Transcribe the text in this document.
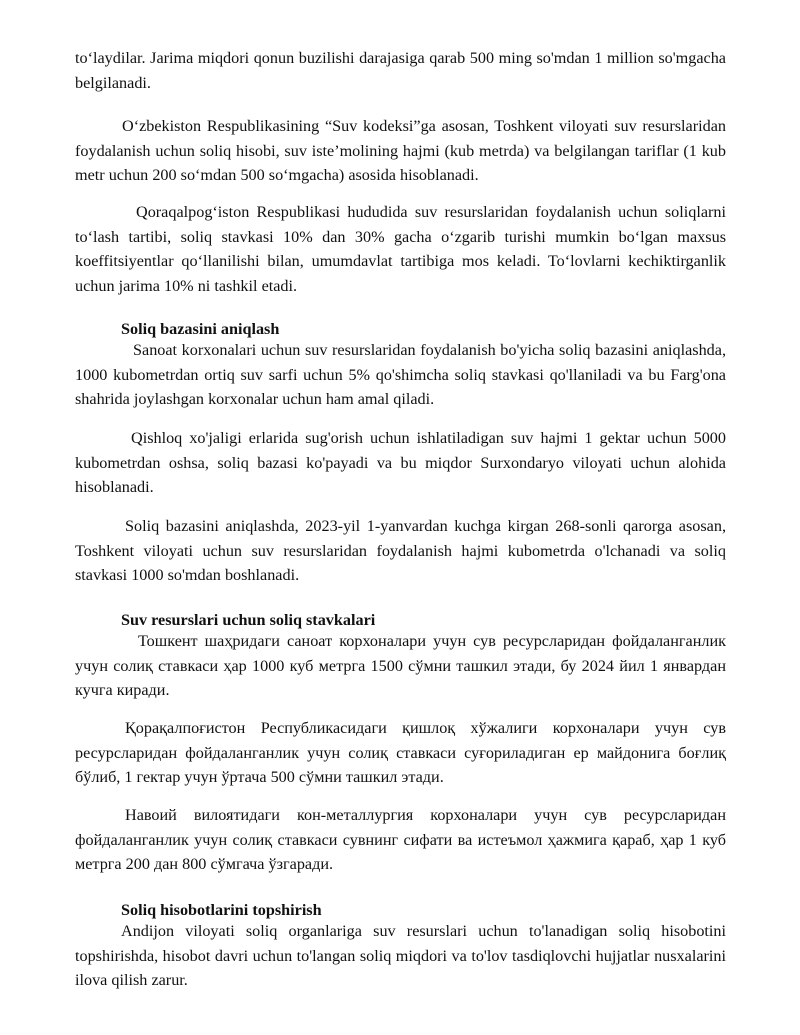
to‘laydilar. Jarima miqdori qonun buzilishi darajasiga qarab 500 ming so'mdan 1 million so'mgacha belgilanadi.

O‘zbekiston Respublikasining “Suv kodeksi”ga asosan, Toshkent viloyati suv resurslaridan foydalanish uchun soliq hisobi, suv iste’molining hajmi (kub metrda) va belgilangan tariflar (1 kub metr uchun 200 so‘mdan 500 so‘mgacha) asosida hisoblanadi.

Qoraqalpog‘iston Respublikasi hududida suv resurslaridan foydalanish uchun soliqlarni to‘lash tartibi, soliq stavkasi 10% dan 30% gacha o‘zgarib turishi mumkin bo‘lgan maxsus koeffitsiyentlar qo‘llanilishi bilan, umumdavlat tartibiga mos keladi. To‘lovlarni kechiktirganlik uchun jarima 10% ni tashkil etadi.

Soliq bazasini aniqlash

Sanoat korxonalari uchun suv resurslaridan foydalanish bo'yicha soliq bazasini aniqlashda, 1000 kubometrdan ortiq suv sarfi uchun 5% qo'shimcha soliq stavkasi qo'llaniladi va bu Farg'ona shahrida joylashgan korxonalar uchun ham amal qiladi.

Qishloq xo'jaligi erlarida sug'orish uchun ishlatiladigan suv hajmi 1 gektar uchun 5000 kubometrdan oshsa, soliq bazasi ko'payadi va bu miqdor Surxondaryo viloyati uchun alohida hisoblanadi.

Soliq bazasini aniqlashda, 2023-yil 1-yanvardan kuchga kirgan 268-sonli qarorga asosan, Toshkent viloyati uchun suv resurslaridan foydalanish hajmi kubometrda o'lchanadi va soliq stavkasi 1000 so'mdan boshlanadi.

Suv resurslari uchun soliq stavkalari

Тошкент шаҳридаги саноат корхоналари учун сув ресурсларидан фойдаланганлик учун солиқ ставкаси ҳар 1000 куб метрга 1500 сўмни ташкил этади, бу 2024 йил 1 январдан кучга киради.

Қорақалпоғистон Республикасидаги қишлоқ хўжалиги корхоналари учун сув ресурсларидан фойдаланганлик учун солиқ ставкаси суғориладиган ер майдонига боғлиқ бўлиб, 1 гектар учун ўртача 500 сўмни ташкил этади.

Навоий вилоятидаги кон-металлургия корхоналари учун сув ресурсларидан фойдаланганлик учун солиқ ставкаси сувнинг сифати ва истеъмол ҳажмига қараб, ҳар 1 куб метрга 200 дан 800 сўмгача ўзгаради.

Soliq hisobotlarini topshirish

Andijon viloyati soliq organlariga suv resurslari uchun to'lanadigan soliq hisobotini topshirishda, hisobot davri uchun to'langan soliq miqdori va to'lov tasdiqlovchi hujjatlar nusxalarini ilova qilish zarur.
